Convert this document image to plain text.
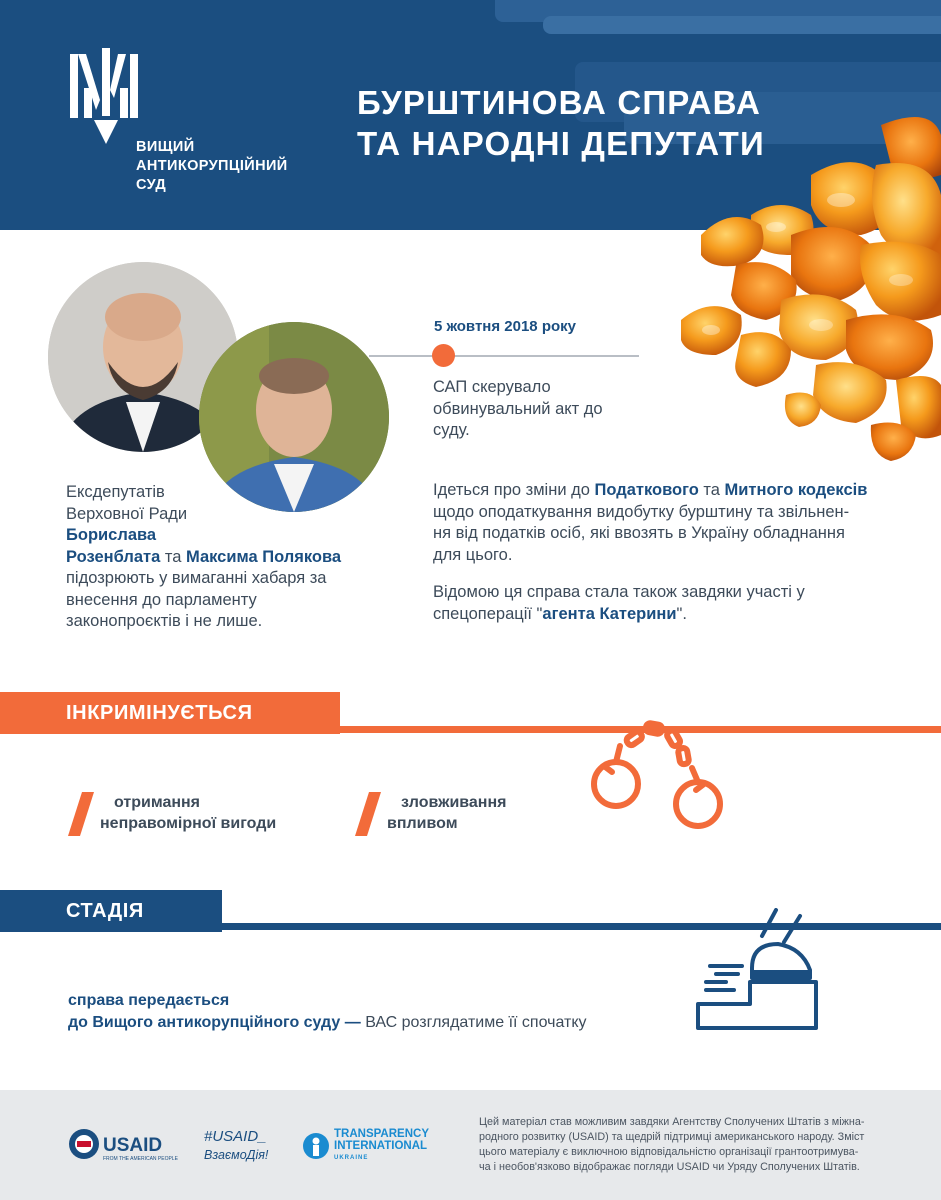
ВИЩИЙ
АНТИКОРУПЦІЙНИЙ
СУД
БУРШТИНОВА СПРАВА
ТА НАРОДНІ ДЕПУТАТИ
Ексдепутатів
Верховної Ради
Борислава
Розенблата та Максима Полякова
підозрюють у вимаганні хабаря за
внесення до парламенту
законопроєктів і не лише.
5 жовтня 2018 року
САП скерувало
обвинувальний акт до
суду.
Ідеться про зміни до Податкового та Митного кодексів
щодо оподаткування видобутку бурштину та звільнен-
ня від податків осіб, які ввозять в Україну обладнання
для цього.
Відомою ця справа стала також завдяки участі у
спецоперації "агента Катерини".
ІНКРИМІНУЄТЬСЯ
отримання
неправомірної вигоди
зловживання
впливом
СТАДІЯ
справа передається
до Вищого антикорупційного суду — ВАС розглядатиме її спочатку
USAID
FROM THE AMERICAN PEOPLE
#USAID_
ВзаємоДія!
TRANSPARENCY
INTERNATIONAL
UKRAINE
Цей матеріал став можливим завдяки Агентству Сполучених Штатів з міжна-
родного розвитку (USAID) та щедрій підтримці американського народу. Зміст
цього матеріалу є виключною відповідальністю організації грантоотримува-
ча і необов'язково відображає погляди USAID чи Уряду Сполучених Штатів.
